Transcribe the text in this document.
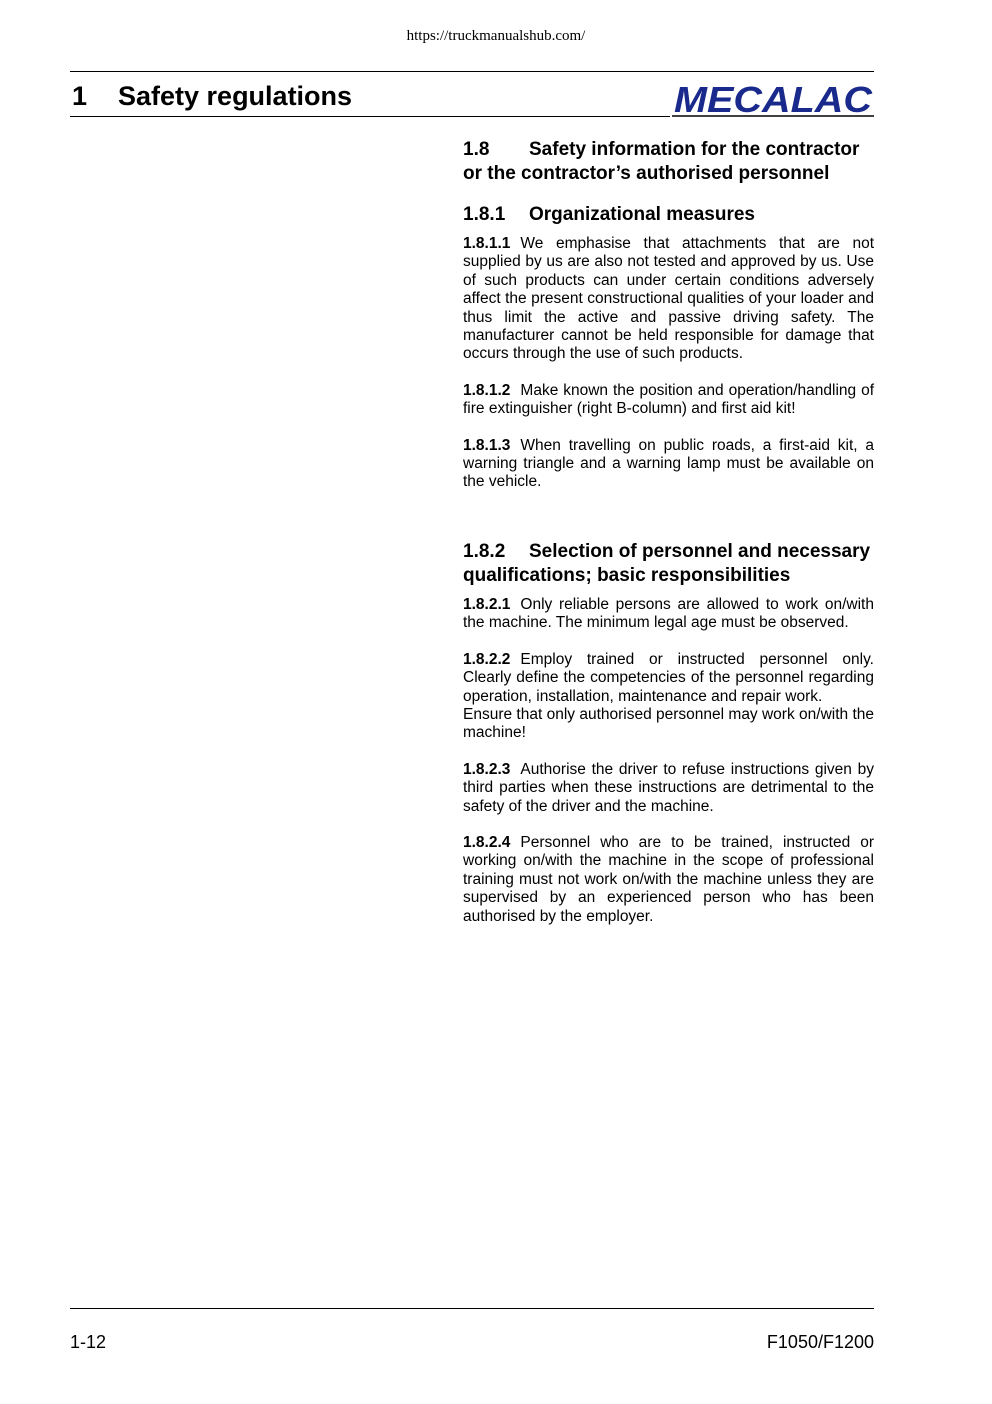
https://truckmanualshub.com/
1 Safety regulations	MECALAC
1.8 Safety information for the contractor or the contractor’s authorised personnel
1.8.1 Organizational measures

1.8.1.1 We emphasise that attachments that are not supplied by us are also not tested and approved by us. Use of such products can under certain conditions adversely affect the present constructional qualities of your loader and thus limit the active and passive driving safety. The manufacturer cannot be held responsible for damage that occurs through the use of such products.

1.8.1.2 Make known the position and operation/handling of fire extinguisher (right B-column) and first aid kit!

1.8.1.3 When travelling on public roads, a first-aid kit, a warning triangle and a warning lamp must be available on the vehicle.

1.8.2 Selection of personnel and necessary qualifications; basic responsibilities

1.8.2.1 Only reliable persons are allowed to work on/with the machine. The minimum legal age must be observed.

1.8.2.2 Employ trained or instructed personnel only. Clearly define the competencies of the personnel regarding operation, installation, maintenance and repair work.
Ensure that only authorised personnel may work on/with the machine!

1.8.2.3 Authorise the driver to refuse instructions given by third parties when these instructions are detrimental to the safety of the driver and the machine.

1.8.2.4 Personnel who are to be trained, instructed or working on/with the machine in the scope of professional training must not work on/with the machine unless they are supervised by an experienced person who has been authorised by the employer.

1-12	F1050/F1200
